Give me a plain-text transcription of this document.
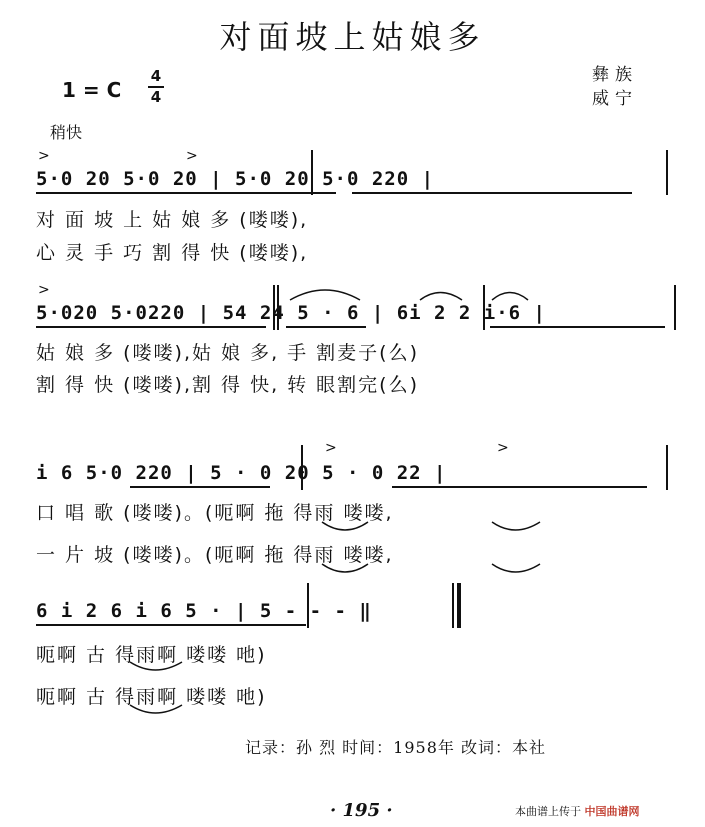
对面坡上姑娘多
1 = C
4
4
彝族
威宁
稍快
>	>
5·0 20 5·0 20 | 5·0 20 5·0 220 |
对 面 坡 上 姑 娘 多 (喽喽),
心 灵 手 巧 割 得 快 (喽喽),
>
5·020 5·0220 | 54 24 5 · 6 | 6i 2 2 i·6 |
姑 娘 多 (喽喽),姑 娘 多, 手 割麦子(么)
割 得 快 (喽喽),割 得 快, 转 眼割完(么)
>	>
i 6 5·0 220 | 5 · 0 20 5 · 0 22 |
口 唱 歌 (喽喽)。(呃啊 拖 得雨 喽喽,
一 片 坡 (喽喽)。(呃啊 拖 得雨 喽喽,
6 i 2 6 i 6 5 · | 5 - - - ‖
呃啊 古 得雨啊 喽喽 吔)
呃啊 古 得雨啊 喽喽 吔)
记录：孙 烈 时间：1958年 改词：本社
· 195 ·	本曲谱上传于 中国曲谱网
